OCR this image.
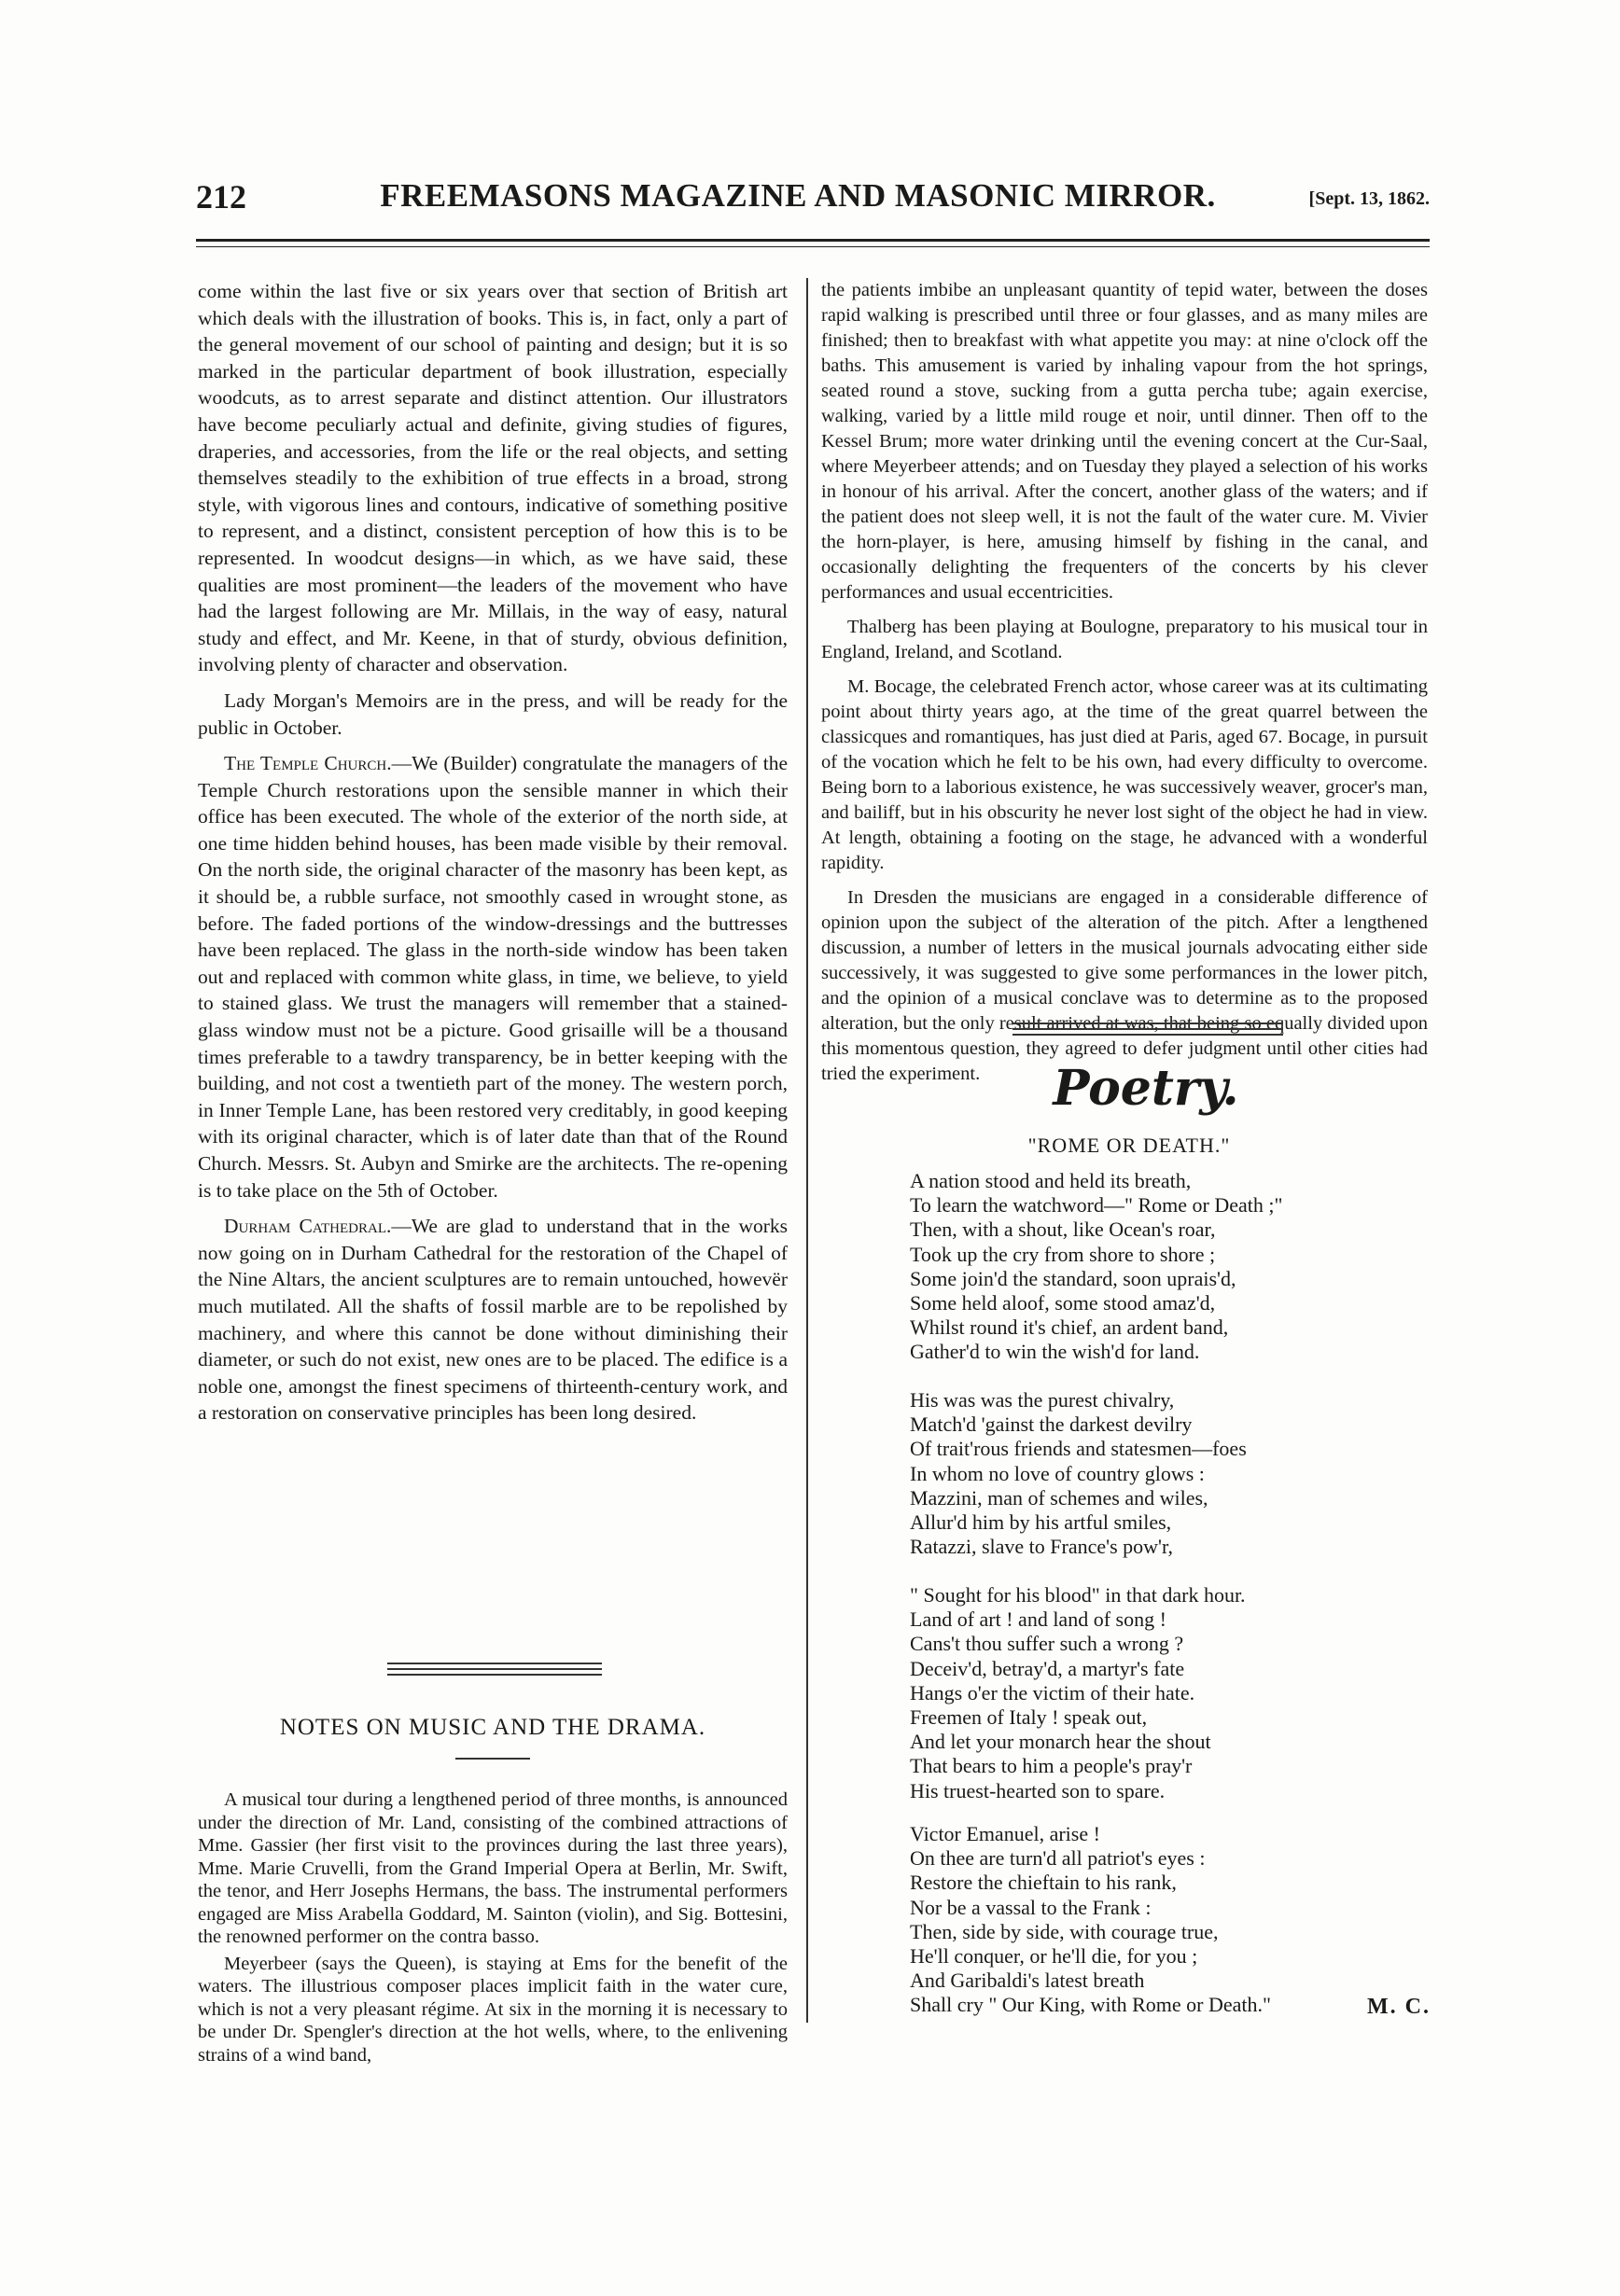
212	FREEMASONS MAGAZINE AND MASONIC MIRROR.	[Sept. 13, 1862.

come within the last five or six years over that section of British art which deals with the illustration of books. This is, in fact, only a part of the general movement of our school of painting and design; but it is so marked in the particular department of book illustration, especially woodcuts, as to arrest separate and distinct attention. Our illustrators have become peculiarly actual and definite, giving studies of figures, draperies, and accessories, from the life or the real objects, and setting themselves steadily to the exhibition of true effects in a broad, strong style, with vigorous lines and contours, indicative of something positive to represent, and a distinct, consistent perception of how this is to be represented. In woodcut designs—in which, as we have said, these qualities are most prominent—the leaders of the movement who have had the largest following are Mr. Millais, in the way of easy, natural study and effect, and Mr. Keene, in that of sturdy, obvious definition, involving plenty of character and observation.

Lady Morgan's Memoirs are in the press, and will be ready for the public in October.

The Temple Church.—We (Builder) congratulate the managers of the Temple Church restorations upon the sensible manner in which their office has been executed. The whole of the exterior of the north side, at one time hidden behind houses, has been made visible by their removal. On the north side, the original character of the masonry has been kept, as it should be, a rubble surface, not smoothly cased in wrought stone, as before. The faded portions of the window-dressings and the buttresses have been replaced. The glass in the north-side window has been taken out and replaced with common white glass, in time, we believe, to yield to stained glass. We trust the managers will remember that a stained-glass window must not be a picture. Good grisaille will be a thousand times preferable to a tawdry transparency, be in better keeping with the building, and not cost a twentieth part of the money. The western porch, in Inner Temple Lane, has been restored very creditably, in good keeping with its original character, which is of later date than that of the Round Church. Messrs. St. Aubyn and Smirke are the architects. The re-opening is to take place on the 5th of October.

Durham Cathedral.—We are glad to understand that in the works now going on in Durham Cathedral for the restoration of the Chapel of the Nine Altars, the ancient sculptures are to remain untouched, howevër much mutilated. All the shafts of fossil marble are to be repolished by machinery, and where this cannot be done without diminishing their diameter, or such do not exist, new ones are to be placed. The edifice is a noble one, amongst the finest specimens of thirteenth-century work, and a restoration on conservative principles has been long desired.

NOTES ON MUSIC AND THE DRAMA.

A musical tour during a lengthened period of three months, is announced under the direction of Mr. Land, consisting of the combined attractions of Mme. Gassier (her first visit to the provinces during the last three years), Mme. Marie Cruvelli, from the Grand Imperial Opera at Berlin, Mr. Swift, the tenor, and Herr Josephs Hermans, the bass. The instrumental performers engaged are Miss Arabella Goddard, M. Sainton (violin), and Sig. Bottesini, the renowned performer on the contra basso.

Meyerbeer (says the Queen), is staying at Ems for the benefit of the waters. The illustrious composer places implicit faith in the water cure, which is not a very pleasant régime. At six in the morning it is necessary to be under Dr. Spengler's direction at the hot wells, where, to the enlivening strains of a wind band,

the patients imbibe an unpleasant quantity of tepid water, between the doses rapid walking is prescribed until three or four glasses, and as many miles are finished; then to breakfast with what appetite you may: at nine o'clock off the baths. This amusement is varied by inhaling vapour from the hot springs, seated round a stove, sucking from a gutta percha tube; again exercise, walking, varied by a little mild rouge et noir, until dinner. Then off to the Kessel Brum; more water drinking until the evening concert at the Cur-Saal, where Meyerbeer attends; and on Tuesday they played a selection of his works in honour of his arrival. After the concert, another glass of the waters; and if the patient does not sleep well, it is not the fault of the water cure. M. Vivier the horn-player, is here, amusing himself by fishing in the canal, and occasionally delighting the frequenters of the concerts by his clever performances and usual eccentricities.

Thalberg has been playing at Boulogne, preparatory to his musical tour in England, Ireland, and Scotland.

M. Bocage, the celebrated French actor, whose career was at its cultimating point about thirty years ago, at the time of the great quarrel between the classicques and romantiques, has just died at Paris, aged 67. Bocage, in pursuit of the vocation which he felt to be his own, had every difficulty to overcome. Being born to a laborious existence, he was successively weaver, grocer's man, and bailiff, but in his obscurity he never lost sight of the object he had in view. At length, obtaining a footing on the stage, he advanced with a wonderful rapidity.

In Dresden the musicians are engaged in a considerable difference of opinion upon the subject of the alteration of the pitch. After a lengthened discussion, a number of letters in the musical journals advocating either side successively, it was suggested to give some performances in the lower pitch, and the opinion of a musical conclave was to determine as to the proposed alteration, but the only result arrived at was, that being so equally divided upon this momentous question, they agreed to defer judgment until other cities had tried the experiment.	Poetry.
"ROME OR DEATH."
A nation stood and held its breath,
To learn the watchword—" Rome or Death ;"
Then, with a shout, like Ocean's roar,
Took up the cry from shore to shore ;
Some join'd the standard, soon uprais'd,
Some held aloof, some stood amaz'd,
Whilst round it's chief, an ardent band,
Gather'd to win the wish'd for land.
His was was the purest chivalry,
Match'd 'gainst the darkest devilry
Of trait'rous friends and statesmen—foes
In whom no love of country glows :
Mazzini, man of schemes and wiles,
Allur'd him by his artful smiles,
Ratazzi, slave to France's pow'r,
" Sought for his blood" in that dark hour.
Land of art ! and land of song !
Cans't thou suffer such a wrong ?
Deceiv'd, betray'd, a martyr's fate
Hangs o'er the victim of their hate.
Freemen of Italy ! speak out,
And let your monarch hear the shout
That bears to him a people's pray'r
His truest-hearted son to spare.
Victor Emanuel, arise !
On thee are turn'd all patriot's eyes :
Restore the chieftain to his rank,
Nor be a vassal to the Frank :
Then, side by side, with courage true,
He'll conquer, or he'll die, for you ;
And Garibaldi's latest breath
Shall cry " Our King, with Rome or Death."	M. C.
